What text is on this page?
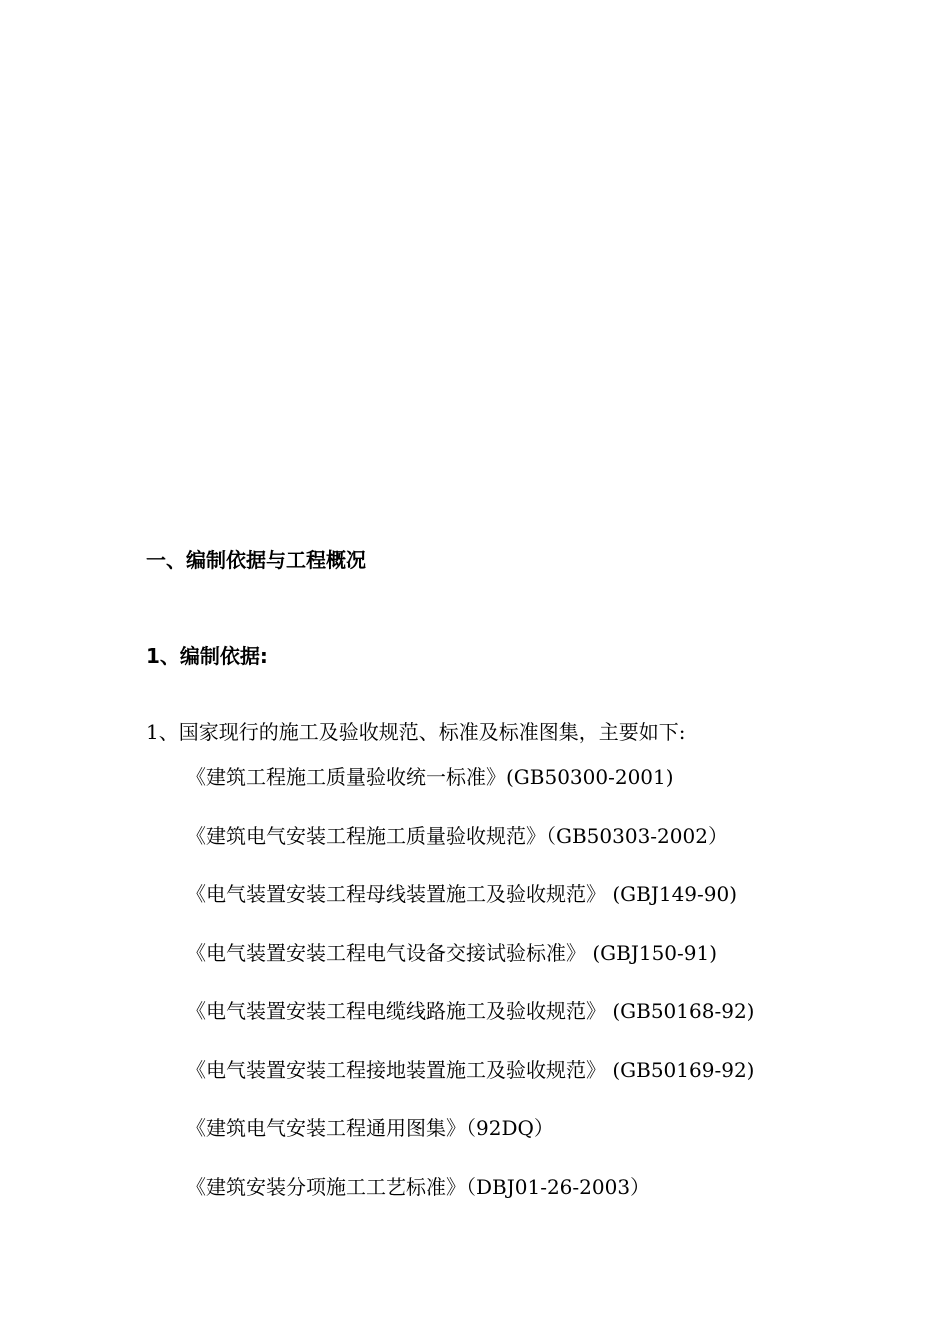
一、编制依据与工程概况
1、编制依据:
1、国家现行的施工及验收规范、标准及标准图集，主要如下:
《建筑工程施工质量验收统一标准》(GB50300-2001)
《建筑电气安装工程施工质量验收规范》（GB50303-2002）
《电气装置安装工程母线装置施工及验收规范》 (GBJ149-90)
《电气装置安装工程电气设备交接试验标准》 (GBJ150-91)
《电气装置安装工程电缆线路施工及验收规范》 (GB50168-92)
《电气装置安装工程接地装置施工及验收规范》 (GB50169-92)
《建筑电气安装工程通用图集》（92DQ）
《建筑安装分项施工工艺标准》（DBJ01-26-2003）
